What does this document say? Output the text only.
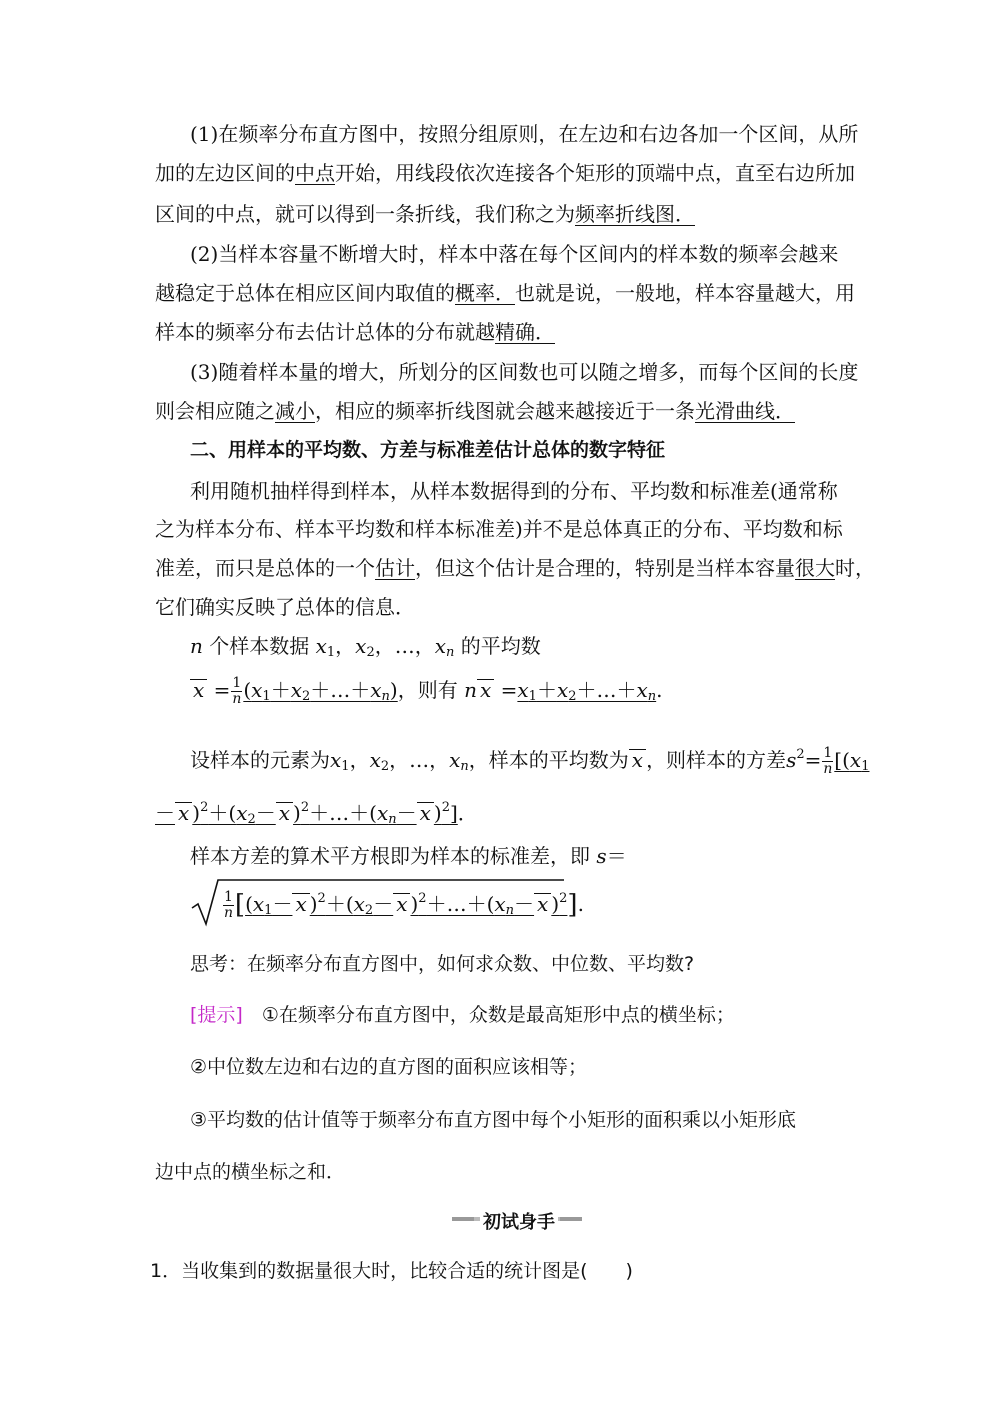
(1)在频率分布直方图中，按照分组原则，在左边和右边各加一个区间，从所
加的左边区间的中点开始，用线段依次连接各个矩形的顶端中点，直至右边所加
区间的中点，就可以得到一条折线，我们称之为频率折线图．
(2)当样本容量不断增大时，样本中落在每个区间内的样本数的频率会越来
越稳定于总体在相应区间内取值的概率．也就是说，一般地，样本容量越大，用
样本的频率分布去估计总体的分布就越精确．
(3)随着样本量的增大，所划分的区间数也可以随之增多，而每个区间的长度
则会相应随之减小，相应的频率折线图就会越来越接近于一条光滑曲线．
二、用样本的平均数、方差与标准差估计总体的数字特征
利用随机抽样得到样本，从样本数据得到的分布、平均数和标准差(通常称
之为样本分布、样本平均数和样本标准差)并不是总体真正的分布、平均数和标
准差，而只是总体的一个估计，但这个估计是合理的，特别是当样本容量很大时，
它们确实反映了总体的信息．
n 个样本数据 $x_1$，$x_2$，…，$x_n$ 的平均数
$x = \frac{1}{n}$ $(x_1+x_2+\dots+x_n)$，则有 n $x =x_1+x_2+\dots+x_n$.
设样本的元素为$x_1$，$x_2$，…，$x_n$，样本的平均数为 x ，则样本的方差$s^2= \frac{1}{n} [(x_1$
－ x )$^2+(x_2- x$ )$^2+\dots+(x_n- x$ )$^2$]．
样本方差的算术平方根即为样本的标准差，即 s＝
$\frac{1}{n} [(x_1- x$ )$^2+(x_2- x$ )$^2+\dots+(x_n- x$ )$^2$].
思考：在频率分布直方图中，如何求众数、中位数、平均数?
[提示]　 ①在频率分布直方图中，众数是最高矩形中点的横坐标；
②中位数左边和右边的直方图的面积应该相等；
③平均数的估计值等于频率分布直方图中每个小矩形的面积乘以小矩形底
边中点的横坐标之和．
初试身手
1．当收集到的数据量很大时，比较合适的统计图是(　　)
